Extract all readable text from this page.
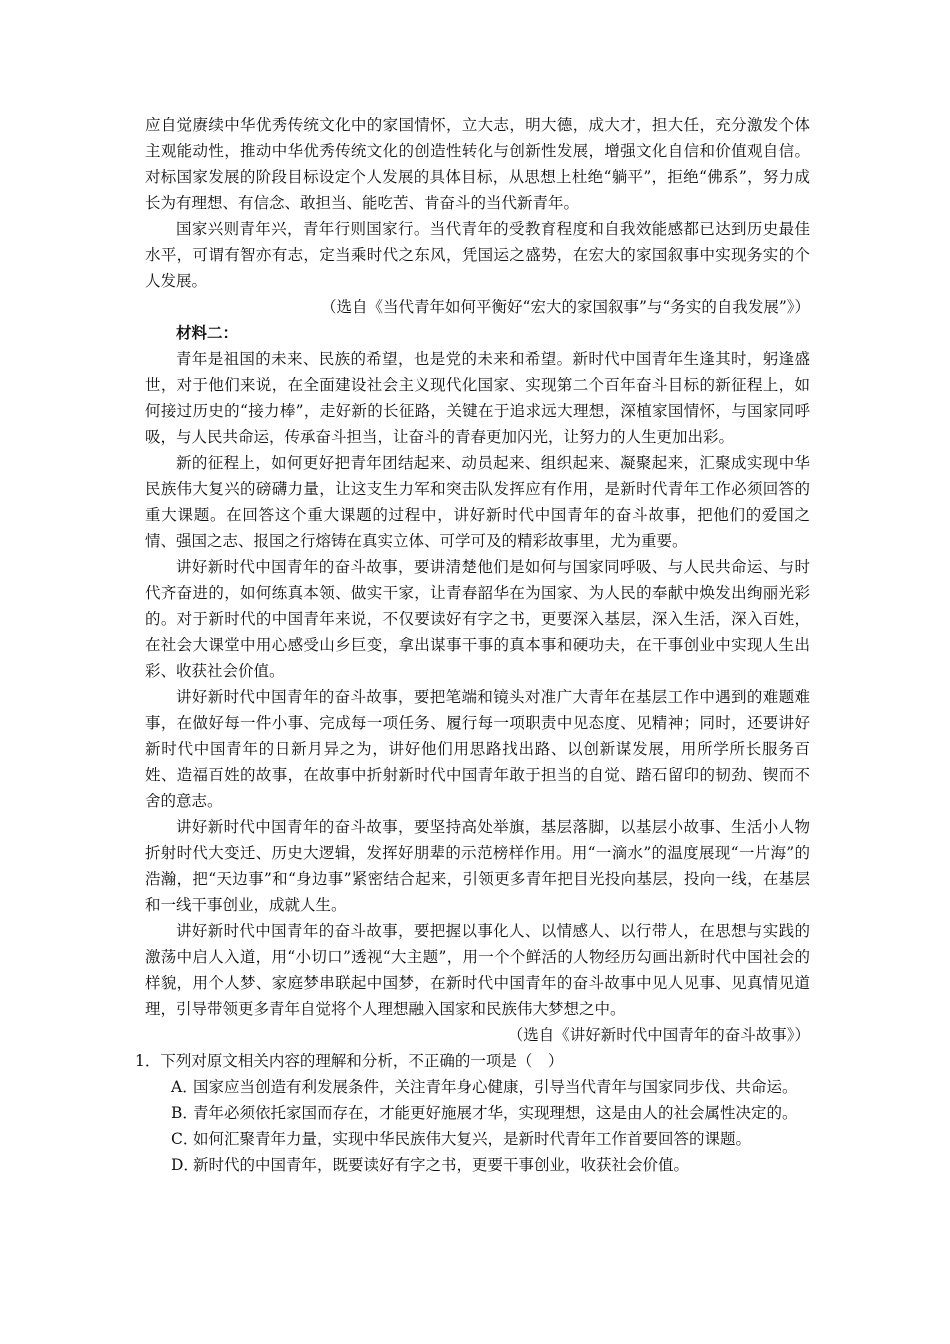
应自觉赓续中华优秀传统文化中的家国情怀，立大志，明大德，成大才，担大任，充分激发个体主观能动性，推动中华优秀传统文化的创造性转化与创新性发展，增强文化自信和价值观自信。对标国家发展的阶段目标设定个人发展的具体目标，从思想上杜绝“躺平”，拒绝“佛系”，努力成长为有理想、有信念、敢担当、能吃苦、肯奋斗的当代新青年。

国家兴则青年兴，青年行则国家行。当代青年的受教育程度和自我效能感都已达到历史最佳水平，可谓有智亦有志，定当乘时代之东风，凭国运之盛势，在宏大的家国叙事中实现务实的个人发展。

（选自《当代青年如何平衡好“宏大的家国叙事”与“务实的自我发展”》）

材料二：

青年是祖国的未来、民族的希望，也是党的未来和希望。新时代中国青年生逢其时，躬逢盛世，对于他们来说，在全面建设社会主义现代化国家、实现第二个百年奋斗目标的新征程上，如何接过历史的“接力棒”，走好新的长征路，关键在于追求远大理想，深植家国情怀，与国家同呼吸，与人民共命运，传承奋斗担当，让奋斗的青春更加闪光，让努力的人生更加出彩。

新的征程上，如何更好把青年团结起来、动员起来、组织起来、凝聚起来，汇聚成实现中华民族伟大复兴的磅礴力量，让这支生力军和突击队发挥应有作用，是新时代青年工作必须回答的重大课题。在回答这个重大课题的过程中，讲好新时代中国青年的奋斗故事，把他们的爱国之情、强国之志、报国之行熔铸在真实立体、可学可及的精彩故事里，尤为重要。

讲好新时代中国青年的奋斗故事，要讲清楚他们是如何与国家同呼吸、与人民共命运、与时代齐奋进的，如何练真本领、做实干家，让青春韶华在为国家、为人民的奉献中焕发出绚丽光彩的。对于新时代的中国青年来说，不仅要读好有字之书，更要深入基层，深入生活，深入百姓，在社会大课堂中用心感受山乡巨变，拿出谋事干事的真本事和硬功夫，在干事创业中实现人生出彩、收获社会价值。

讲好新时代中国青年的奋斗故事，要把笔端和镜头对准广大青年在基层工作中遇到的难题难事，在做好每一件小事、完成每一项任务、履行每一项职责中见态度、见精神；同时，还要讲好新时代中国青年的日新月异之为，讲好他们用思路找出路、以创新谋发展，用所学所长服务百姓、造福百姓的故事，在故事中折射新时代中国青年敢于担当的自觉、踏石留印的韧劲、锲而不舍的意志。

讲好新时代中国青年的奋斗故事，要坚持高处举旗，基层落脚，以基层小故事、生活小人物折射时代大变迁、历史大逻辑，发挥好朋辈的示范榜样作用。用“一滴水”的温度展现“一片海”的浩瀚，把“天边事”和“身边事”紧密结合起来，引领更多青年把目光投向基层，投向一线，在基层和一线干事创业，成就人生。

讲好新时代中国青年的奋斗故事，要把握以事化人、以情感人、以行带人，在思想与实践的激荡中启人入道，用“小切口”透视“大主题”，用一个个鲜活的人物经历勾画出新时代中国社会的样貌，用个人梦、家庭梦串联起中国梦，在新时代中国青年的奋斗故事中见人见事、见真情见道理，引导带领更多青年自觉将个人理想融入国家和民族伟大梦想之中。

（选自《讲好新时代中国青年的奋斗故事》）

1．下列对原文相关内容的理解和分析，不正确的一项是（　）

A．
国家应当创造有利发展条件，关注青年身心健康，引导当代青年与国家同步伐、共命运。
B．
青年必须依托家国而存在，才能更好施展才华，实现理想，这是由人的社会属性决定的。
C．
如何汇聚青年力量，实现中华民族伟大复兴，是新时代青年工作首要回答的课题。
D．
新时代的中国青年，既要读好有字之书，更要干事创业，收获社会价值。
